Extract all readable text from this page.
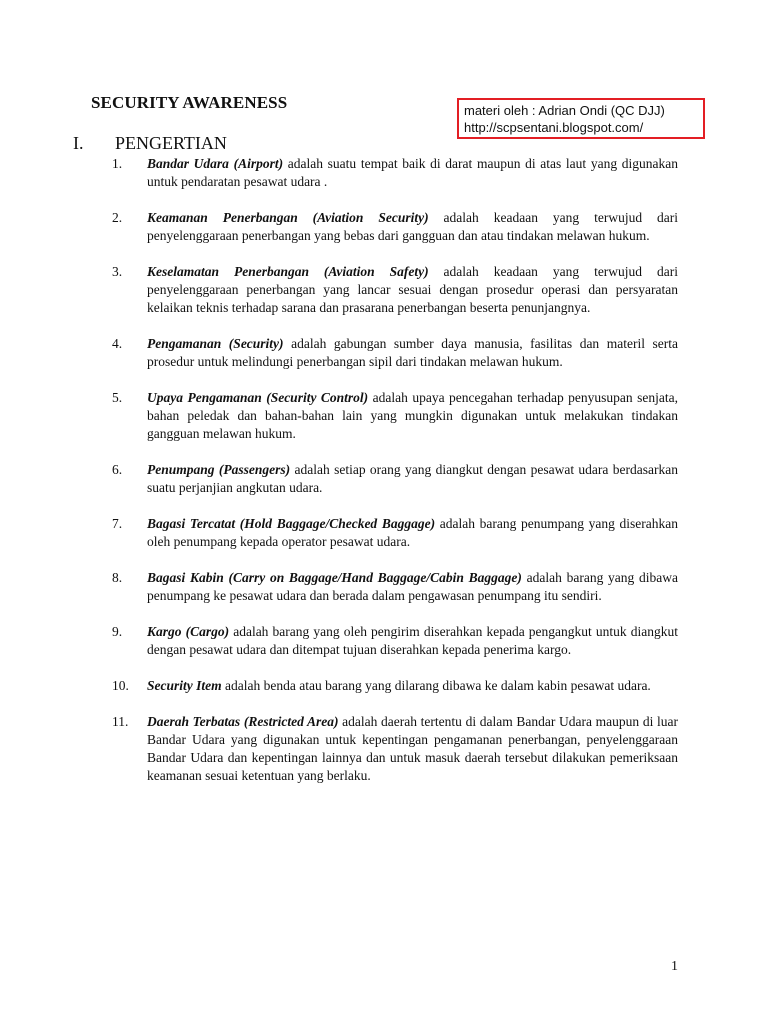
SECURITY AWARENESS	materi oleh : Adrian Ondi (QC DJJ)
http://scpsentani.blogspot.com/
I. PENGERTIAN
1. Bandar Udara (Airport) adalah suatu tempat baik di darat maupun di atas laut yang digunakan untuk pendaratan pesawat udara .
2. Keamanan Penerbangan (Aviation Security) adalah keadaan yang terwujud dari penyelenggaraan penerbangan yang bebas dari gangguan dan atau tindakan melawan hukum.
3. Keselamatan Penerbangan (Aviation Safety) adalah keadaan yang terwujud dari penyelenggaraan penerbangan yang lancar sesuai dengan prosedur operasi dan persyaratan kelaikan teknis terhadap sarana dan prasarana penerbangan beserta penunjangnya.
4. Pengamanan (Security) adalah gabungan sumber daya manusia, fasilitas dan materil serta prosedur untuk melindungi penerbangan sipil dari tindakan melawan hukum.
5. Upaya Pengamanan (Security Control) adalah upaya pencegahan terhadap penyusupan senjata, bahan peledak dan bahan-bahan lain yang mungkin digunakan untuk melakukan tindakan gangguan melawan hukum.
6. Penumpang (Passengers) adalah setiap orang yang diangkut dengan pesawat udara berdasarkan suatu perjanjian angkutan udara.
7. Bagasi Tercatat (Hold Baggage/Checked Baggage) adalah barang penumpang yang diserahkan oleh penumpang kepada operator pesawat udara.
8. Bagasi Kabin (Carry on Baggage/Hand Baggage/Cabin Baggage) adalah barang yang dibawa penumpang ke pesawat udara dan berada dalam pengawasan penumpang itu sendiri.
9. Kargo (Cargo) adalah barang yang oleh pengirim diserahkan kepada pengangkut untuk diangkut dengan pesawat udara dan ditempat tujuan diserahkan kepada penerima kargo.
10. Security Item adalah benda atau barang yang dilarang dibawa ke dalam kabin pesawat udara.
11. Daerah Terbatas (Restricted Area) adalah daerah tertentu di dalam Bandar Udara maupun di luar Bandar Udara yang digunakan untuk kepentingan pengamanan penerbangan, penyelenggaraan Bandar Udara dan kepentingan lainnya dan untuk masuk daerah tersebut dilakukan pemeriksaan keamanan sesuai ketentuan yang berlaku.
1
